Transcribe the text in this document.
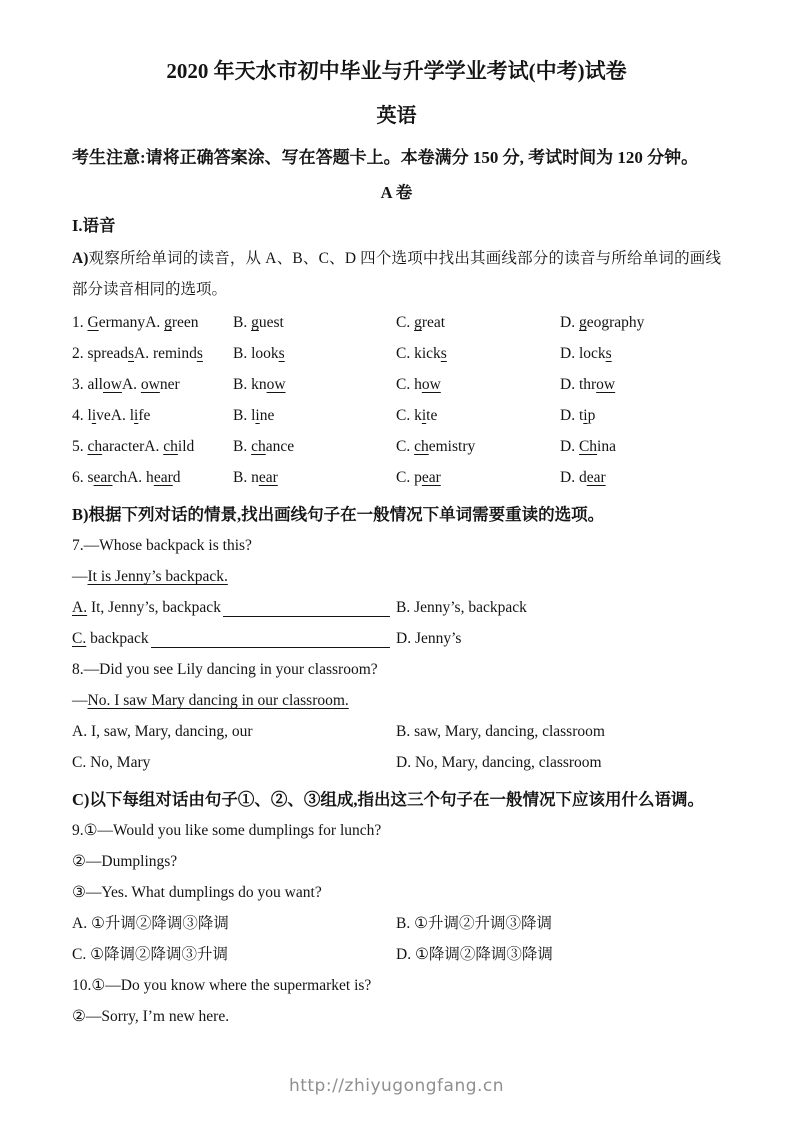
2020 年天水市初中毕业与升学学业考试(中考)试卷
英语
考生注意:请将正确答案涂、写在答题卡上。本卷满分 150 分, 考试时间为 120 分钟。
A 卷
I.语音
A)观察所给单词的读音，从 A、B、C、D 四个选项中找出其画线部分的读音与所给单词的画线部分读音相同的选项。
1. GermanyA. green	B. guest	C. great	D. geography
2. spreadsA. reminds	B. looks	C. kicks	D. locks
3. allowA. owner	B. know	C. how	D. throw
4. liveA. life	B. line	C. kite	D. tip
5. characterA. child	B. chance	C. chemistry	D. China
6. searchA. heard	B. near	C. pear	D. dear
B)根据下列对话的情景,找出画线句子在一般情况下单词需要重读的选项。
7.—Whose backpack is this?
—It is Jenny’s backpack.
A. It, Jenny’s, backpack	B. Jenny’s, backpack
C. backpack	D. Jenny’s
8.—Did you see Lily dancing in your classroom?
—No. I saw Mary dancing in our classroom.
A. I, saw, Mary, dancing, our	B. saw, Mary, dancing, classroom
C. No, Mary	D. No, Mary, dancing, classroom
C)以下每组对话由句子①、②、③组成,指出这三个句子在一般情况下应该用什么语调。
9.①—Would you like some dumplings for lunch?
②—Dumplings?
③—Yes. What dumplings do you want?
A. ①升调②降调③降调	B. ①升调②升调③降调
C. ①降调②降调③升调	D. ①降调②降调③降调
10.①—Do you know where the supermarket is?
②—Sorry, I’m new here.
http://zhiyugongfang.cn
